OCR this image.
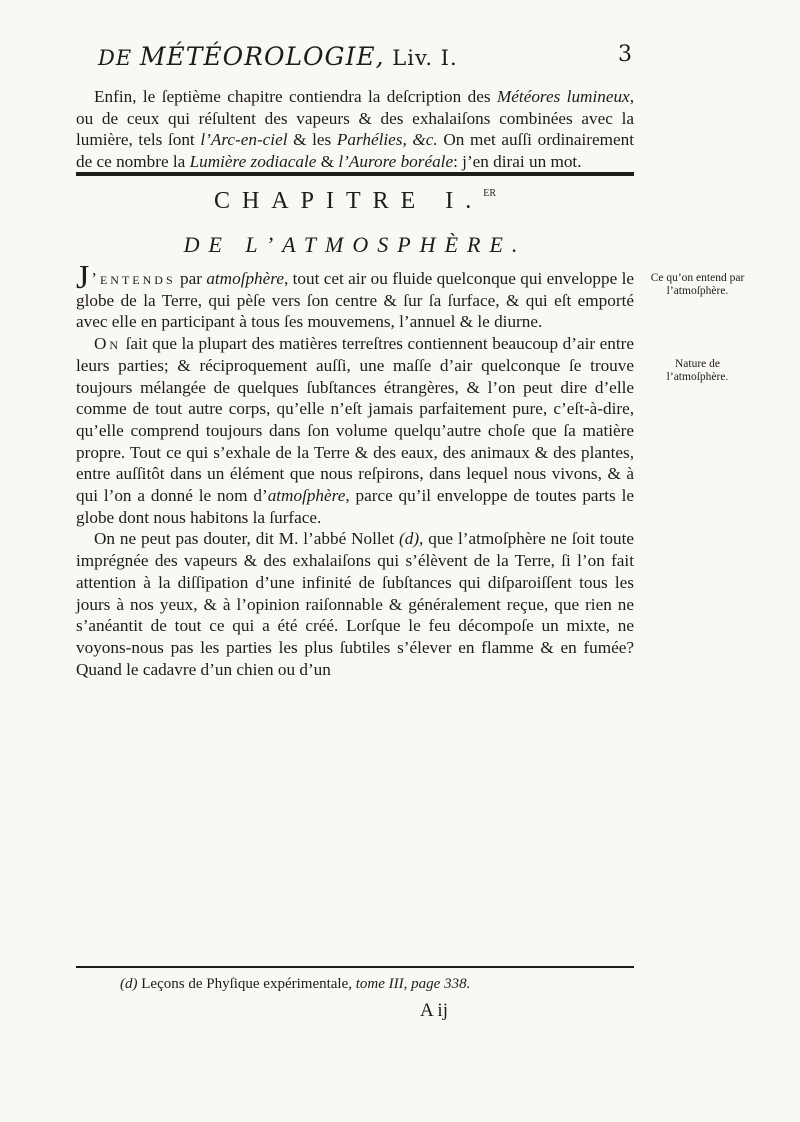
DE MÉTÉOROLOGIE, Liv. I.	3

Enfin, le ſeptième chapitre contiendra la deſcription des Météores lumineux, ou de ceux qui réſultent des vapeurs & des exhalaiſons combinées avec la lumière, tels ſont l’Arc-en-ciel & les Parhélies, &c. On met auſſi ordinairement de ce nombre la Lumière zodiacale & l’Aurore boréale: j’en dirai un mot.

CHAPITRE I.$^{ER}$
DE L’ATMOSPHÈRE.

J ’entends par atmoſphère, tout cet air ou fluide quelconque qui enveloppe le globe de la Terre, qui pèſe vers ſon centre & ſur ſa ſurface, & qui eſt emporté avec elle en participant à tous ſes mouvemens, l’annuel & le diurne.

On ſait que la plupart des matières terreſtres contiennent beaucoup d’air entre leurs parties; & réciproquement auſſi, une maſſe d’air quelconque ſe trouve toujours mélangée de quelques ſubſtances étrangères, & l’on peut dire d’elle comme de tout autre corps, qu’elle n’eſt jamais parfaitement pure, c’eſt-à-dire, qu’elle comprend toujours dans ſon volume quelqu’autre choſe que ſa matière propre. Tout ce qui s’exhale de la Terre & des eaux, des animaux & des plantes, entre auſſitôt dans un élément que nous reſpirons, dans lequel nous vivons, & à qui l’on a donné le nom d’atmoſphère, parce qu’il enveloppe de toutes parts le globe dont nous habitons la ſurface.

On ne peut pas douter, dit M. l’abbé Nollet (d), que l’atmoſphère ne ſoit toute imprégnée des vapeurs & des exhalaiſons qui s’élèvent de la Terre, ſi l’on fait attention à la diſſipation d’une infinité de ſubſtances qui diſparoiſſent tous les jours à nos yeux, & à l’opinion raiſonnable & généralement reçue, que rien ne s’anéantit de tout ce qui a été créé. Lorſque le feu décompoſe un mixte, ne voyons-nous pas les parties les plus ſubtiles s’élever en flamme & en fumée? Quand le cadavre d’un chien ou d’un

Ce qu’on entend par l’atmoſphère.
Nature de l’atmoſphère.
(d) Leçons de Phyſique expérimentale, tome III, page 338.
A ij
